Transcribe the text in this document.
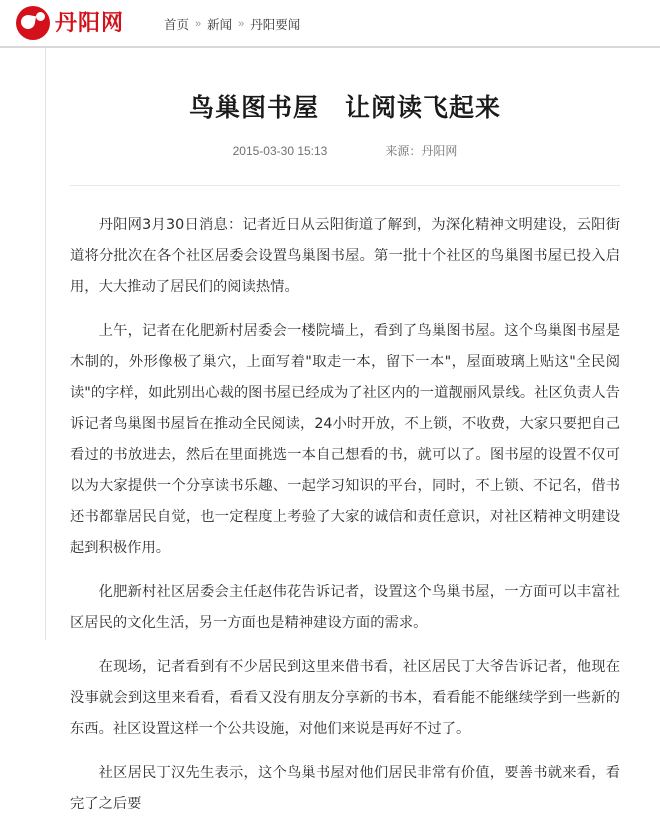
丹阳网	首页 » 新闻 » 丹阳要闻
鸟巢图书屋　让阅读飞起来
2015-03-30 15:13	来源：丹阳网

丹阳网3月30日消息：记者近日从云阳街道了解到，为深化精神文明建设，云阳街道将分批次在各个社区居委会设置鸟巢图书屋。第一批十个社区的鸟巢图书屋已投入启用，大大推动了居民们的阅读热情。

上午，记者在化肥新村居委会一楼院墙上，看到了鸟巢图书屋。这个鸟巢图书屋是木制的，外形像极了巢穴，上面写着"取走一本，留下一本"，屋面玻璃上贴这"全民阅读"的字样，如此别出心裁的图书屋已经成为了社区内的一道靓丽风景线。社区负责人告诉记者鸟巢图书屋旨在推动全民阅读，24小时开放，不上锁，不收费，大家只要把自己看过的书放进去，然后在里面挑选一本自己想看的书，就可以了。图书屋的设置不仅可以为大家提供一个分享读书乐趣、一起学习知识的平台，同时，不上锁、不记名，借书还书都靠居民自觉，也一定程度上考验了大家的诚信和责任意识，对社区精神文明建设起到积极作用。

化肥新村社区居委会主任赵伟花告诉记者，设置这个鸟巢书屋，一方面可以丰富社区居民的文化生活，另一方面也是精神建设方面的需求。

在现场，记者看到有不少居民到这里来借书看，社区居民丁大爷告诉记者，他现在没事就会到这里来看看，看看又没有朋友分享新的书本，看看能不能继续学到一些新的东西。社区设置这样一个公共设施，对他们来说是再好不过了。

社区居民丁汉先生表示，这个鸟巢书屋对他们居民非常有价值，要善书就来看，看完了之后要
